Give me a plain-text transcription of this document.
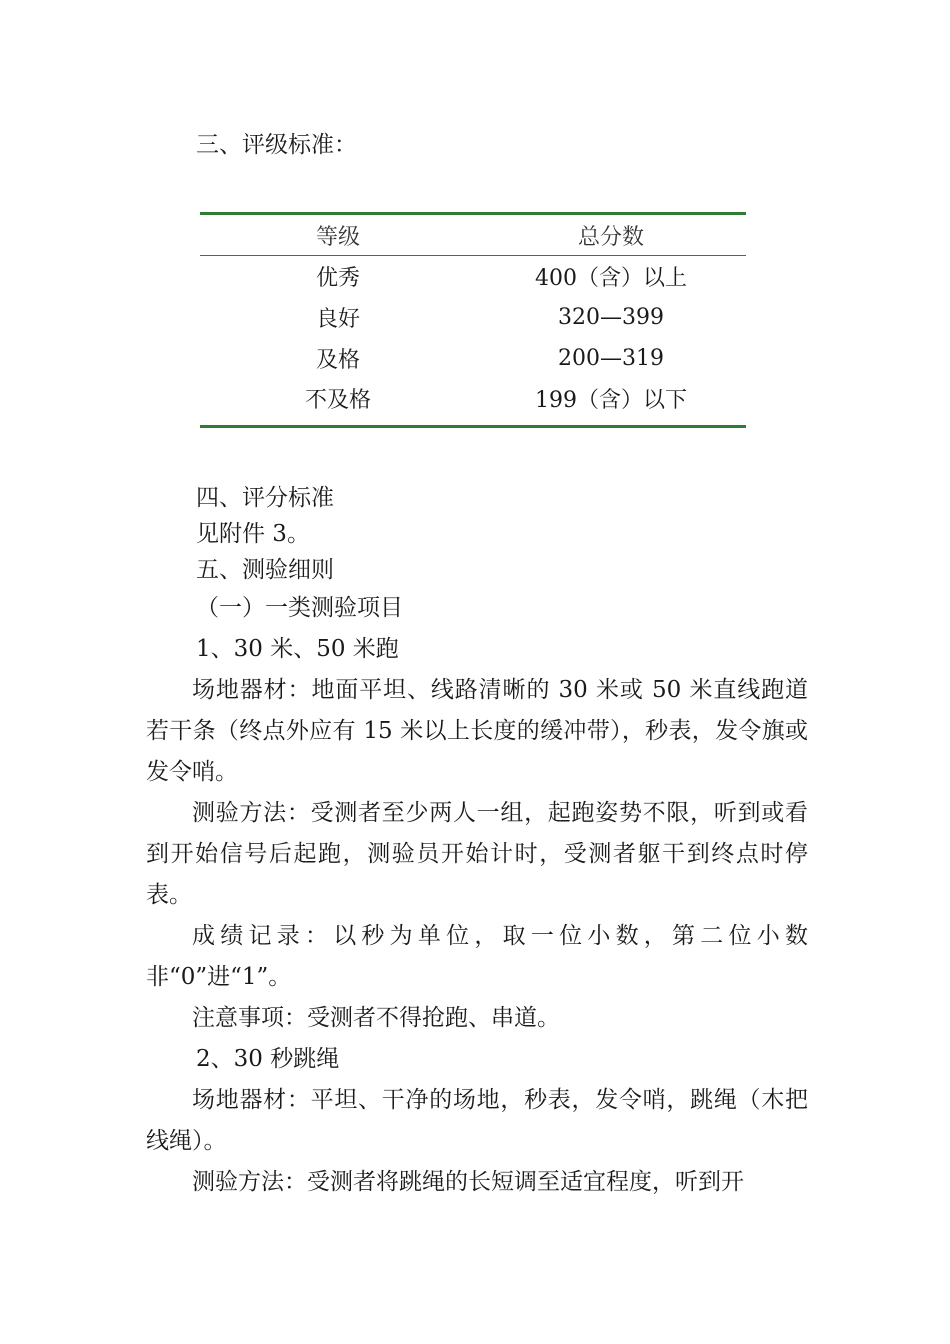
三、评级标准：

等级	总分数

优秀	400（含）以上
良好	320—399
及格	200—319
不及格	199（含）以下

四、评分标准

见附件 3。

五、测验细则

（一）一类测验项目

1、30 米、50 米跑

场地器材：地面平坦、线路清晰的 30 米或 50 米直线跑道若干条（终点外应有 15 米以上长度的缓冲带），秒表，发令旗或发令哨。

测验方法：受测者至少两人一组，起跑姿势不限，听到或看到开始信号后起跑，测验员开始计时，受测者躯干到终点时停表。

成绩记录：以秒为单位，取一位小数，第二位小数非“0”进“1”。

注意事项：受测者不得抢跑、串道。

2、30 秒跳绳

场地器材：平坦、干净的场地，秒表，发令哨，跳绳（木把线绳）。

测验方法：受测者将跳绳的长短调至适宜程度，听到开
